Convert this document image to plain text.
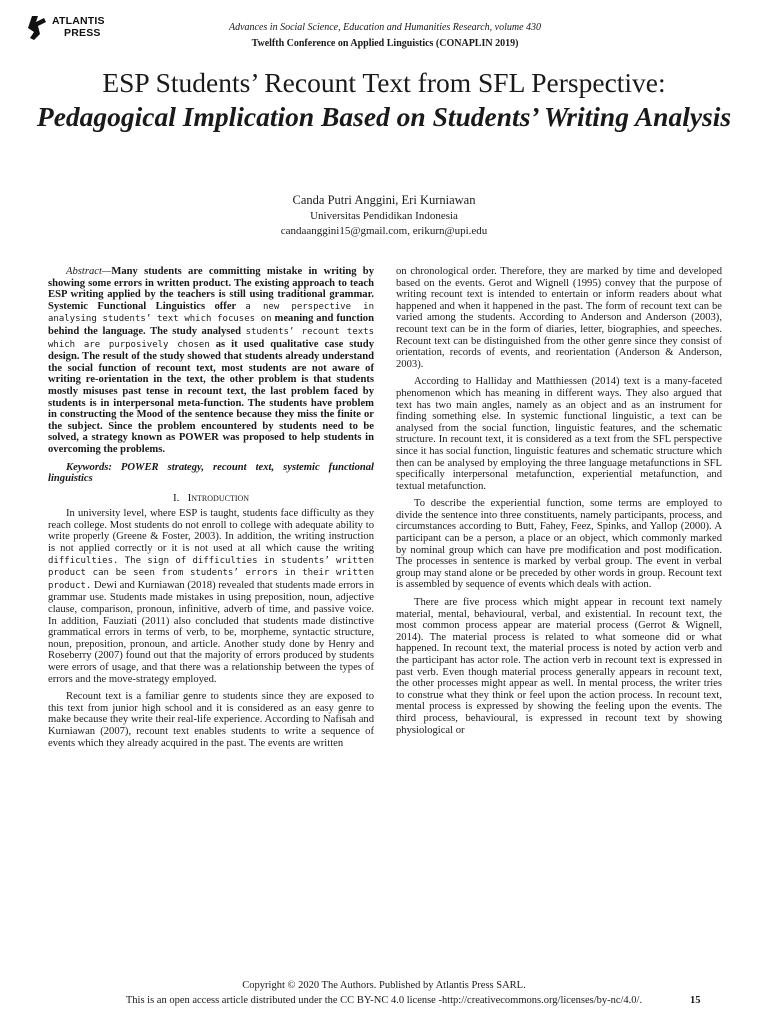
ATLANTIS
PRESS	Advances in Social Science, Education and Humanities Research, volume 430
Twelfth Conference on Applied Linguistics (CONAPLIN 2019)
ESP Students’ Recount Text from SFL Perspective:
Pedagogical Implication Based on Students’ Writing Analysis
Canda Putri Anggini, Eri Kurniawan
Universitas Pendidikan Indonesia
candaanggini15@gmail.com, erikurn@upi.edu

Abstract—Many students are committing mistake in writing by showing some errors in written product. The existing approach to teach ESP writing applied by the teachers is still using traditional grammar. Systemic Functional Linguistics offer a new perspective in analysing students’ text which focuses on meaning and function behind the language. The study analysed students’ recount texts which are purposively chosen as it used qualitative case study design. The result of the study showed that students already understand the social function of recount text, most students are not aware of writing re-orientation in the text, the other problem is that students mostly misuses past tense in recount text, the last problem faced by students is in interpersonal meta-function. The students have problem in constructing the Mood of the sentence because they miss the finite or the subject. Since the problem encountered by students need to be solved, a strategy known as POWER was proposed to help students in overcoming the problems.

Keywords: POWER strategy, recount text, systemic functional linguistics

I. Introduction

In university level, where ESP is taught, students face difficulty as they reach college. Most students do not enroll to college with adequate ability to write properly (Greene & Foster, 2003). In addition, the writing instruction is not applied correctly or it is not used at all which cause the writing difficulties. The sign of difficulties in students’ written product can be seen from students’ errors in their written product. Dewi and Kurniawan (2018) revealed that students made errors in grammar use. Students made mistakes in using preposition, noun, adjective clause, comparison, pronoun, infinitive, adverb of time, and passive voice. In addition, Fauziati (2011) also concluded that students made distinctive grammatical errors in terms of verb, to be, morpheme, syntactic structure, noun, preposition, pronoun, and article. Another study done by Henry and Roseberry (2007) found out that the majority of errors produced by students were errors of usage, and that there was a relationship between the types of errors and the move-strategy employed.

Recount text is a familiar genre to students since they are exposed to this text from junior high school and it is considered as an easy genre to make because they write their real-life experience. According to Nafisah and Kurniawan (2007), recount text enables students to write a sequence of events which they already acquired in the past. The events are written

on chronological order. Therefore, they are marked by time and developed based on the events. Gerot and Wignell (1995) convey that the purpose of writing recount text is intended to entertain or inform readers about what happened and when it happened in the past. The form of recount text can be varied among the students. According to Anderson and Anderson (2003), recount text can be in the form of diaries, letter, biographies, and speeches. Recount text can be distinguished from the other genre since they consist of orientation, records of events, and reorientation (Anderson & Anderson, 2003).

According to Halliday and Matthiessen (2014) text is a many-faceted phenomenon which has meaning in different ways. They also argued that text has two main angles, namely as an object and as an instrument for finding something else. In systemic functional linguistic, a text can be analysed from the social function, linguistic features, and the schematic structure. In recount text, it is considered as a text from the SFL perspective since it has social function, linguistic features and schematic structure which then can be analysed by employing the three language metafunctions in SFL specifically interpersonal metafunction, experiential metafunction, and textual metafunction.

To describe the experiential function, some terms are employed to divide the sentence into three constituents, namely participants, process, and circumstances according to Butt, Fahey, Feez, Spinks, and Yallop (2000). A participant can be a person, a place or an object, which commonly marked by nominal group which can have pre modification and post modification. The processes in sentence is marked by verbal group. The event in verbal group may stand alone or be preceded by other words in group. Recount text is assembled by sequence of events which deals with action.

There are five process which might appear in recount text namely material, mental, behavioural, verbal, and existential. In recount text, the most common process appear are material process (Gerrot & Wignell, 2014). The material process is related to what someone did or what happened. In recount text, the material process is noted by action verb and the participant has actor role. The action verb in recount text is expressed in past verb. Even though material process generally appears in recount text, the other processes might appear as well. In mental process, the writer tries to construe what they think or feel upon the action process. In recount text, mental process is expressed by showing the feeling upon the events. The third process, behavioural, is expressed in recount text by showing physiological or

Copyright © 2020 The Authors. Published by Atlantis Press SARL.
This is an open access article distributed under the CC BY-NC 4.0 license -http://creativecommons.org/licenses/by-nc/4.0/.	15
